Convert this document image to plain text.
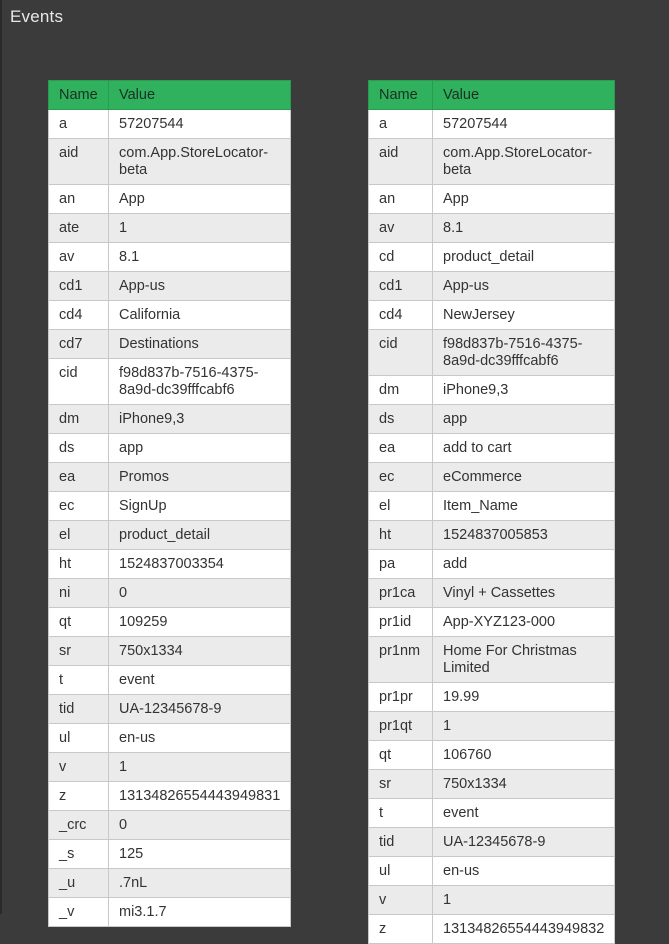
Events
Name	Value
a	57207544
aid	com.App.StoreLocator-beta
an	App
ate	1
av	8.1
cd1	App-us
cd4	California
cd7	Destinations
cid	f98d837b-7516-4375-8a9d-dc39fffcabf6
dm	iPhone9,3
ds	app
ea	Promos
ec	SignUp
el	product_detail
ht	1524837003354
ni	0
qt	109259
sr	750x1334
t	event
tid	UA-12345678-9
ul	en-us
v	1
z	13134826554443949831
_crc	0
_s	125
_u	.7nL
_v	mi3.1.7
Name	Value
a	57207544
aid	com.App.StoreLocator-beta
an	App
av	8.1
cd	product_detail
cd1	App-us
cd4	NewJersey
cid	f98d837b-7516-4375-8a9d-dc39fffcabf6
dm	iPhone9,3
ds	app
ea	add to cart
ec	eCommerce
el	Item_Name
ht	1524837005853
pa	add
pr1ca	Vinyl + Cassettes
pr1id	App-XYZ123-000
pr1nm	Home For Christmas Limited
pr1pr	19.99
pr1qt	1
qt	106760
sr	750x1334
t	event
tid	UA-12345678-9
ul	en-us
v	1
z	13134826554443949832
